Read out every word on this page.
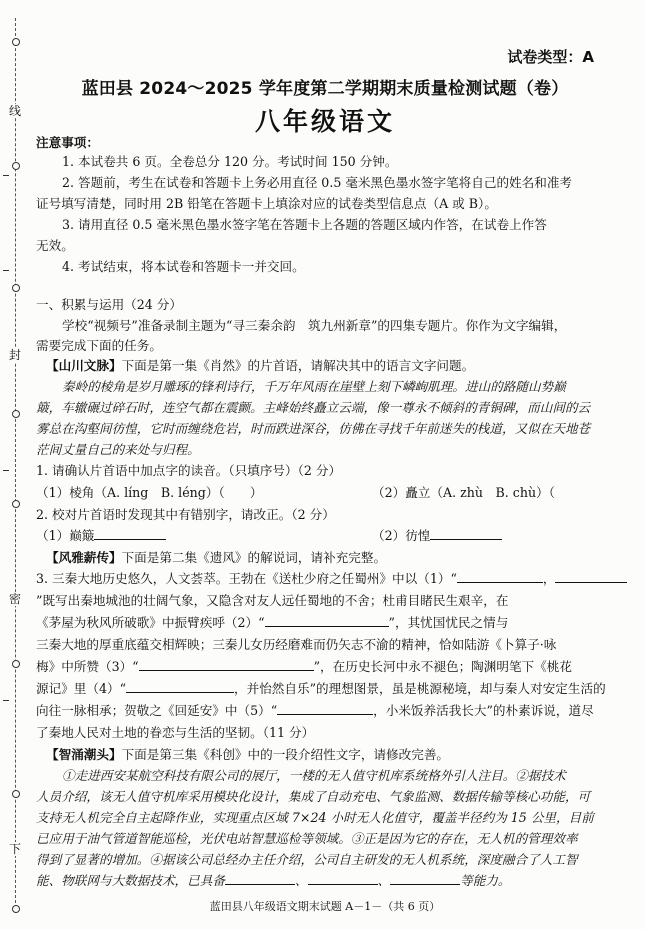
线
封
密
下
试卷类型：A
蓝田县 2024～2025 学年度第二学期期末质量检测试题（卷）
八年级语文
注意事项：
1. 本试卷共 6 页。全卷总分 120 分。考试时间 150 分钟。
2. 答题前，考生在试卷和答题卡上务必用直径 0.5 毫米黑色墨水签字笔将自己的姓名和准考
证号填写清楚，同时用 2B 铅笔在答题卡上填涂对应的试卷类型信息点（A 或 B）。
3. 请用直径 0.5 毫米黑色墨水签字笔在答题卡上各题的答题区域内作答，在试卷上作答
无效。
4. 考试结束，将本试卷和答题卡一并交回。
一、积累与运用（24 分）
学校“视频号”准备录制主题为“寻三秦余韵　筑九州新章”的四集专题片。你作为文字编辑，
需要完成下面的任务。
【山川文脉】下面是第一集《肖然》的片首语，请解决其中的语言文字问题。
秦岭的棱角是岁月雕琢的锋利诗行，千万年风雨在崖壁上刻下嶙峋肌理。进山的路随山势巅
簸，车辙碾过碎石时，连空气都在震颤。主峰始终矗立云端，像一尊永不倾斜的青铜碑，而山间的云
雾总在沟壑间彷惶，它时而缠绕危岩，时而跌进深谷，仿佛在寻找千年前迷失的栈道，又似在天地苍
茫间丈量自己的来处与归程。
1. 请确认片首语中加点字的读音。（只填序号）（2 分）
（1）棱角（A. líng　B. léng）（　　）	（2）矗立（A. zhù　B. chù）（
2. 校对片首语时发现其中有错别字，请改正。（2 分）
（1）巅簸	（2）彷惶
【风雅薪传】下面是第二集《遗风》的解说词，请补充完整。
3. 三秦大地历史悠久，人文荟萃。王勃在《送杜少府之任蜀州》中以（1）“	，
”既写出秦地城池的壮阔气象，又隐含对友人远任蜀地的不舍；杜甫目睹民生艰辛，在
《茅屋为秋风所破歌》中振臂疾呼（2）“	”，其忧国忧民之情与
三秦大地的厚重底蕴交相辉映；三秦儿女历经磨难而仍矢志不渝的精神，恰如陆游《卜算子·咏
梅》中所赞（3）“	”，在历史长河中永不褪色；陶渊明笔下《桃花
源记》里（4）“	，并怡然自乐”的理想图景，虽是桃源秘境，却与秦人对安定生活的
向往一脉相承；贺敬之《回延安》中（5）“	，小米饭养活我长大”的朴素诉说，道尽
了秦地人民对土地的眷恋与生活的坚韧。（11 分）
【智涌潮头】下面是第三集《科创》中的一段介绍性文字，请修改完善。
①走进西安某航空科技有限公司的展厅，一楼的无人值守机库系统格外引人注目。②据技术
人员介绍，该无人值守机库采用模块化设计，集成了自动充电、气象监测、数据传输等核心功能，可
支持无人机完全自主起降作业，实现重点区域 7×24 小时无人化值守，覆盖半径约为 15 公里，目前
已应用于油气管道智能巡检，光伏电站智慧巡检等领域。③正是因为它的存在，无人机的管理效率
得到了显著的增加。④据该公司总经办主任介绍，公司自主研发的无人机系统，深度融合了人工智
能、物联网与大数据技术，已具备	、	、	等能力。
蓝田县八年级语文期末试题 A－1－（共 6 页）
